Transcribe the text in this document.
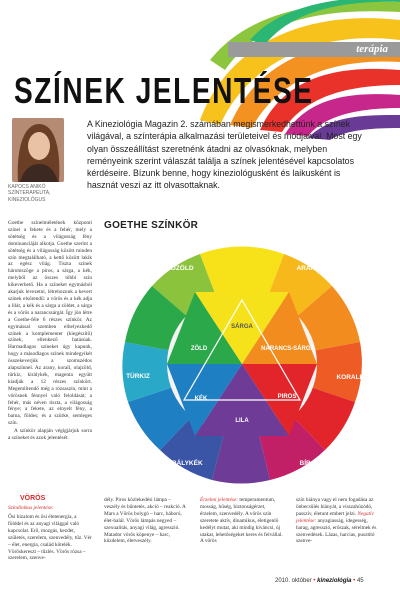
terápia
SZÍNEK JELENTÉSE
KAPOCS ANIKÓ
SZÍNTERAPEUTA, KINEZIOLÓGUS

A Kineziológia Magazin 2. számában megismerkedhettünk a színek világával, a színterápia alkalmazási területeivel és módjaival. Most egy olyan összeállítást szeretnénk átadni az olvasóknak, melyben reményeink szerint válaszát találja a színek jelentésével kapcsolatos kérdéseire. Bízunk benne, hogy kineziológusként és laikusként is hasznát veszi az itt olvasottaknak.

Goethe színelméletének központi színei a fekete és a fehér, mely a sötétség és a világosság fény dominanciáját alkotja. Goethe szerint a sötétség és a világosság között minden szín megtalálható, a kettő között lakik az egész világ. Tiszta színek háromszöge a piros, a sárga, a kék, melyből az összes többi szín kikeverhető. Ha a színeket egymásból akarjuk levezetni, létrehozunk a kevert színek elsőrendű: a vörös és a kék adja a lilát, a kék és a sárga a zöldet, a sárga és a vörös a narancssárgát. Így jön létre a Goethe-féle 6 részes színkör. Az egymással szemben elhelyezkedő színek a komplementer (kiegészítő) színek, ellenkező hatásúak. Harmadlagos színeket úgy kapunk, hogy a másodlagos színek mindegyikét összekeverjük a szomszédos alapszínnel. Az arany, korall, olajzöld, türkiz, királykék, magenta együtt kiadják a 12 részes színkört. Megemlítendő még a rózsaszín, mint a vörösnek fénnyel való feloldását; a fehér, más néven tiszta, a világosság fénye; a fekete, az elnyelt fény, a barna, földes; és a szürke, semleges szín.

A színkör alapján végigjárjuk sorra a színeket és azok jelentését.

GOETHE SZÍNKÖR
OLAJZÖLD	ARANY
KORALL
BÍBOR
KIRÁLYKÉK
TÜRKIZ
SÁRGA
ZÖLD	NARANCS-SÁRGA
KÉK	PIROS
LILA
VÖRÖS
Színdinikus jelentése:

Ősi bizalom és ősi életenergia, a földdel és az anyagi világgal való kapcsolat. Erő, mozgás, kezdet, születés, szerelem, szenvedély, tűz. Vér – élet, energia, család kötelék. Vöröskereszt – tűzlés. Vörös rózsa – szerelem, szenve-

dély. Piros közlekedési lámpa – veszély és büntetés, akció – reakció. A Mars a Vörös bolygó – harc, háború, élet-halál. Vörös lámpás negyed – szexualitás, anyagi világ, agresszió. Matador vörös köpenye – harc, küzdelem, életveszély.

Érzelmi jelentése: temperamentum, mosság, hűség, biztonságérzet, érzelem, szenvedély. A vörös szín szeretete aktív, dinamikus, életigenlő kedélyt mutat, aki mindig kíváncsi, új utakat, lehetőségeket keres és felvállal. A vörös

szín hiánya vagy el nem fogadása az önbecsülés hiányát, a visszahúzódó, passzív, életunt embert jelzi. Negatív jelentése: anyagiasság, idegesség, harag, agresszió, erőszak, sérelmek és szenvedések. Lázas, harcias, pusztító szenve-

2010. október • kineziológia • 45
